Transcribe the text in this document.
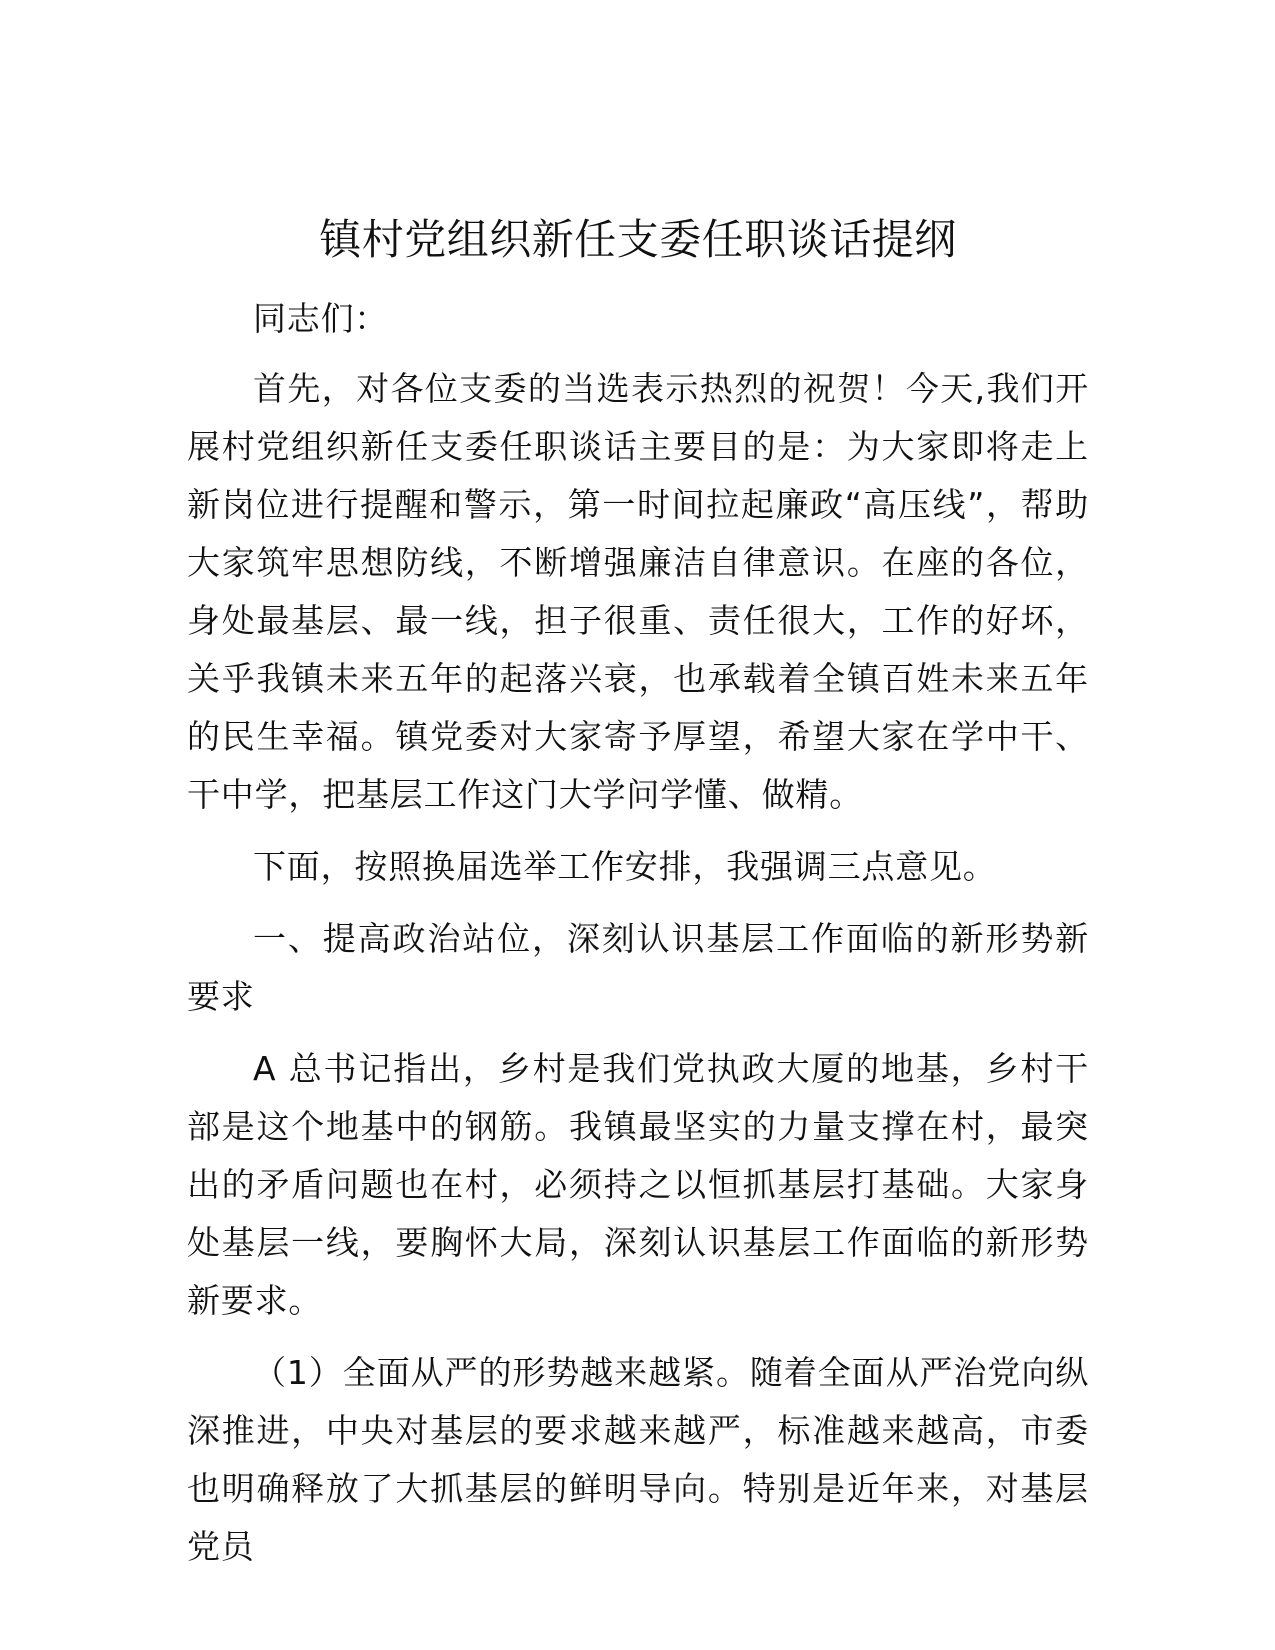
镇村党组织新任支委任职谈话提纲

同志们：

首先，对各位支委的当选表示热烈的祝贺！今天,我们开展村党组织新任支委任职谈话主要目的是：为大家即将走上新岗位进行提醒和警示，第一时间拉起廉政“高压线”，帮助大家筑牢思想防线，不断增强廉洁自律意识。在座的各位，身处最基层、最一线，担子很重、责任很大，工作的好坏，关乎我镇未来五年的起落兴衰，也承载着全镇百姓未来五年的民生幸福。镇党委对大家寄予厚望，希望大家在学中干、干中学，把基层工作这门大学问学懂、做精。

下面，按照换届选举工作安排，我强调三点意见。

一、提高政治站位，深刻认识基层工作面临的新形势新要求

A 总书记指出，乡村是我们党执政大厦的地基，乡村干部是这个地基中的钢筋。我镇最坚实的力量支撑在村，最突出的矛盾问题也在村，必须持之以恒抓基层打基础。大家身处基层一线，要胸怀大局，深刻认识基层工作面临的新形势新要求。

（1）全面从严的形势越来越紧。随着全面从严治党向纵深推进，中央对基层的要求越来越严，标准越来越高，市委也明确释放了大抓基层的鲜明导向。特别是近年来，对基层党员
